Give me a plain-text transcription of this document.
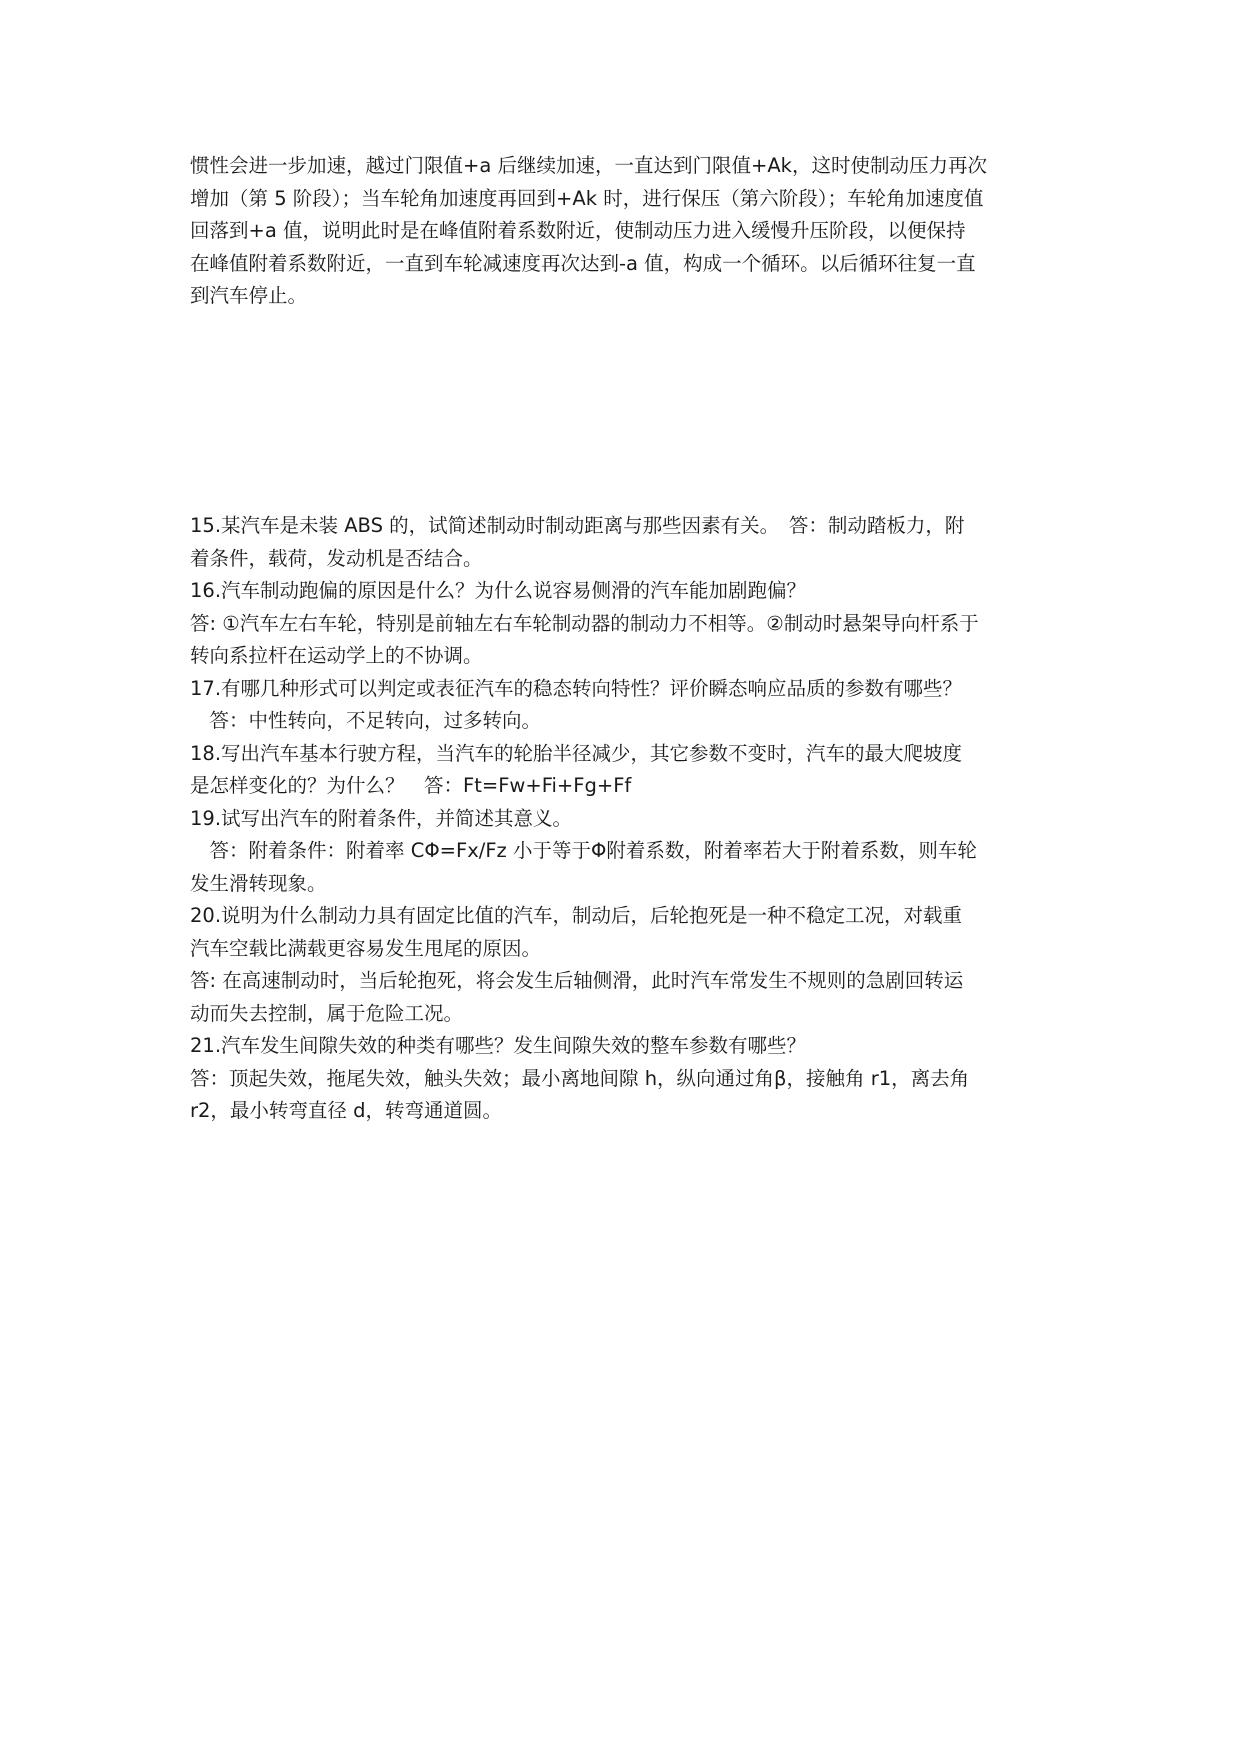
惯性会进一步加速，越过门限值+a 后继续加速，一直达到门限值+Ak，这时使制动压力再次

增加（第 5 阶段）；当车轮角加速度再回到+Ak 时，进行保压（第六阶段）；车轮角加速度值

回落到+a 值，说明此时是在峰值附着系数附近，使制动压力进入缓慢升压阶段，以便保持

在峰值附着系数附近，一直到车轮减速度再次达到-a 值，构成一个循环。以后循环往复一直

到汽车停止。

15.某汽车是未装 ABS 的，试简述制动时制动距离与那些因素有关。　答：制动踏板力，附

着条件，载荷，发动机是否结合。

16.汽车制动跑偏的原因是什么？为什么说容易侧滑的汽车能加剧跑偏？

答: ①汽车左右车轮，特别是前轴左右车轮制动器的制动力不相等。②制动时悬架导向杆系于

转向系拉杆在运动学上的不协调。

17.有哪几种形式可以判定或表征汽车的稳态转向特性？评价瞬态响应品质的参数有哪些？

　答：中性转向，不足转向，过多转向。

18.写出汽车基本行驶方程，当汽车的轮胎半径减少，其它参数不变时，汽车的最大爬坡度

是怎样变化的？为什么？　答：Ft=Fw+Fi+Fg+Ff

19.试写出汽车的附着条件，并简述其意义。

　答：附着条件：附着率 CΦ=Fx/Fz 小于等于Φ附着系数，附着率若大于附着系数，则车轮

发生滑转现象。

20.说明为什么制动力具有固定比值的汽车，制动后，后轮抱死是一种不稳定工况，对载重

汽车空载比满载更容易发生甩尾的原因。

答: 在高速制动时，当后轮抱死，将会发生后轴侧滑，此时汽车常发生不规则的急剧回转运

动而失去控制，属于危险工况。

21.汽车发生间隙失效的种类有哪些？发生间隙失效的整车参数有哪些？

答：顶起失效，拖尾失效，触头失效；最小离地间隙 h，纵向通过角β，接触角 r1，离去角

r2，最小转弯直径 d，转弯通道圆。
